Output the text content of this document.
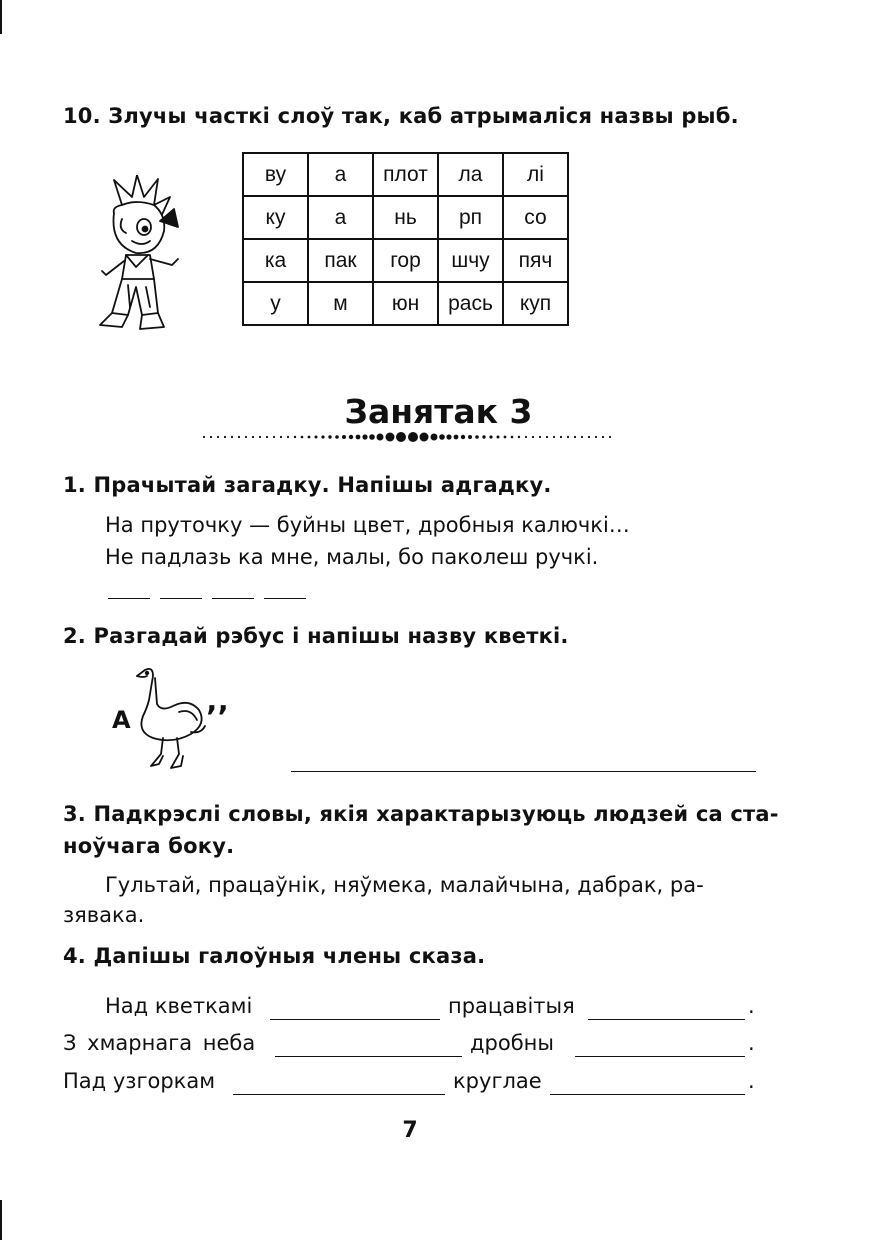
10. Злучы часткі слоў так, каб атрымаліся назвы рыб.
ву	а	плот	ла	лі
ку	а	нь	рп	со
ка	пак	гор	шчу	пяч
у	м	юн	рась	куп
Занятак 3
1. Прачытай загадку. Напішы адгадку.
На пруточку — буйны цвет, дробныя калючкі…
Не падлазь ка мне, малы, бо паколеш ручкі.
2. Разгадай рэбус і напішы назву кветкі.
А	’’
3. Падкрэслі словы, якія характарызуюць людзей са ста-
ноўчага боку.
Гультай, працаўнік, няўмека, малайчына, дабрак, ра-
зявака.
4. Дапішы галоўныя члены сказа.
Над кветкамі	працавітыя	.
З хмарнага неба	дробны	.
Пад узгоркам	круглае	.
7
